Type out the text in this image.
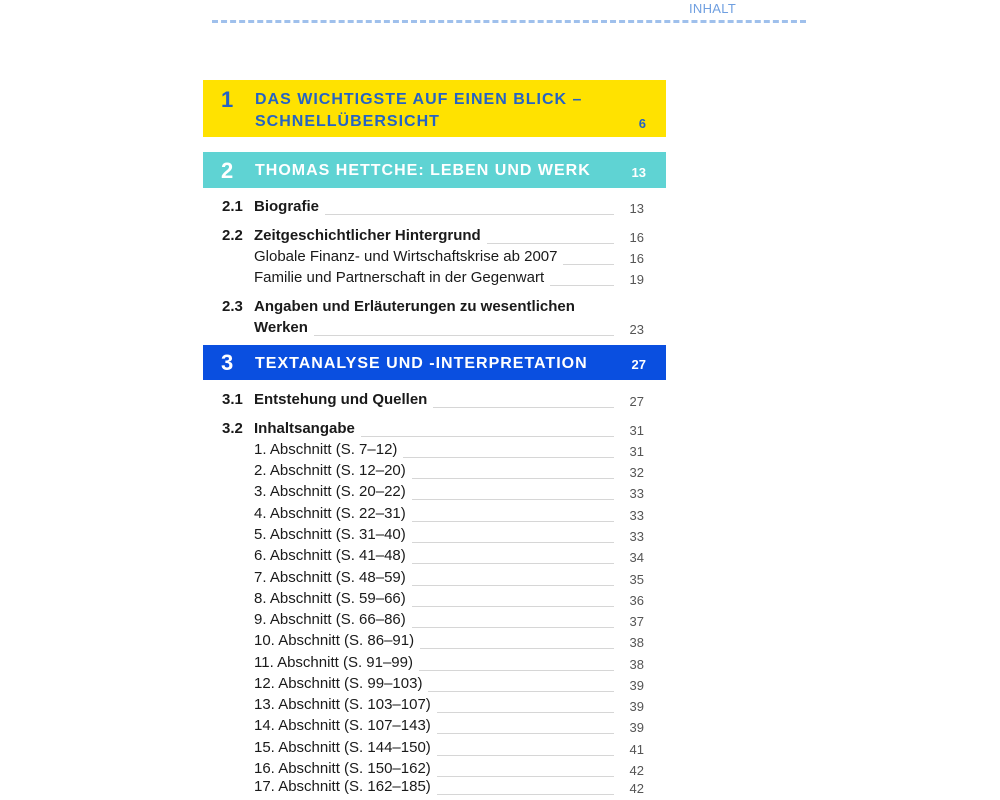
INHALT
1 DAS WICHTIGSTE AUF EINEN BLICK – SCHNELLÜBERSICHT	6
2 THOMAS HETTCHE: LEBEN UND WERK	13
2.1 Biografie	13
2.2 Zeitgeschichtlicher Hintergrund	16
Globale Finanz- und Wirtschaftskrise ab 2007	16
Familie und Partnerschaft in der Gegenwart	19
2.3 Angaben und Erläuterungen zu wesentlichen
Werken	23
3 TEXTANALYSE UND -INTERPRETATION	27
3.1 Entstehung und Quellen	27
3.2 Inhaltsangabe	31
1. Abschnitt (S. 7–12)	31
2. Abschnitt (S. 12–20)	32
3. Abschnitt (S. 20–22)	33
4. Abschnitt (S. 22–31)	33
5. Abschnitt (S. 31–40)	33
6. Abschnitt (S. 41–48)	34
7. Abschnitt (S. 48–59)	35
8. Abschnitt (S. 59–66)	36
9. Abschnitt (S. 66–86)	37
10. Abschnitt (S. 86–91)	38
11. Abschnitt (S. 91–99)	38
12. Abschnitt (S. 99–103)	39
13. Abschnitt (S. 103–107)	39
14. Abschnitt (S. 107–143)	39
15. Abschnitt (S. 144–150)	41
16. Abschnitt (S. 150–162)	42
17. Abschnitt (S. 162–185)	42
